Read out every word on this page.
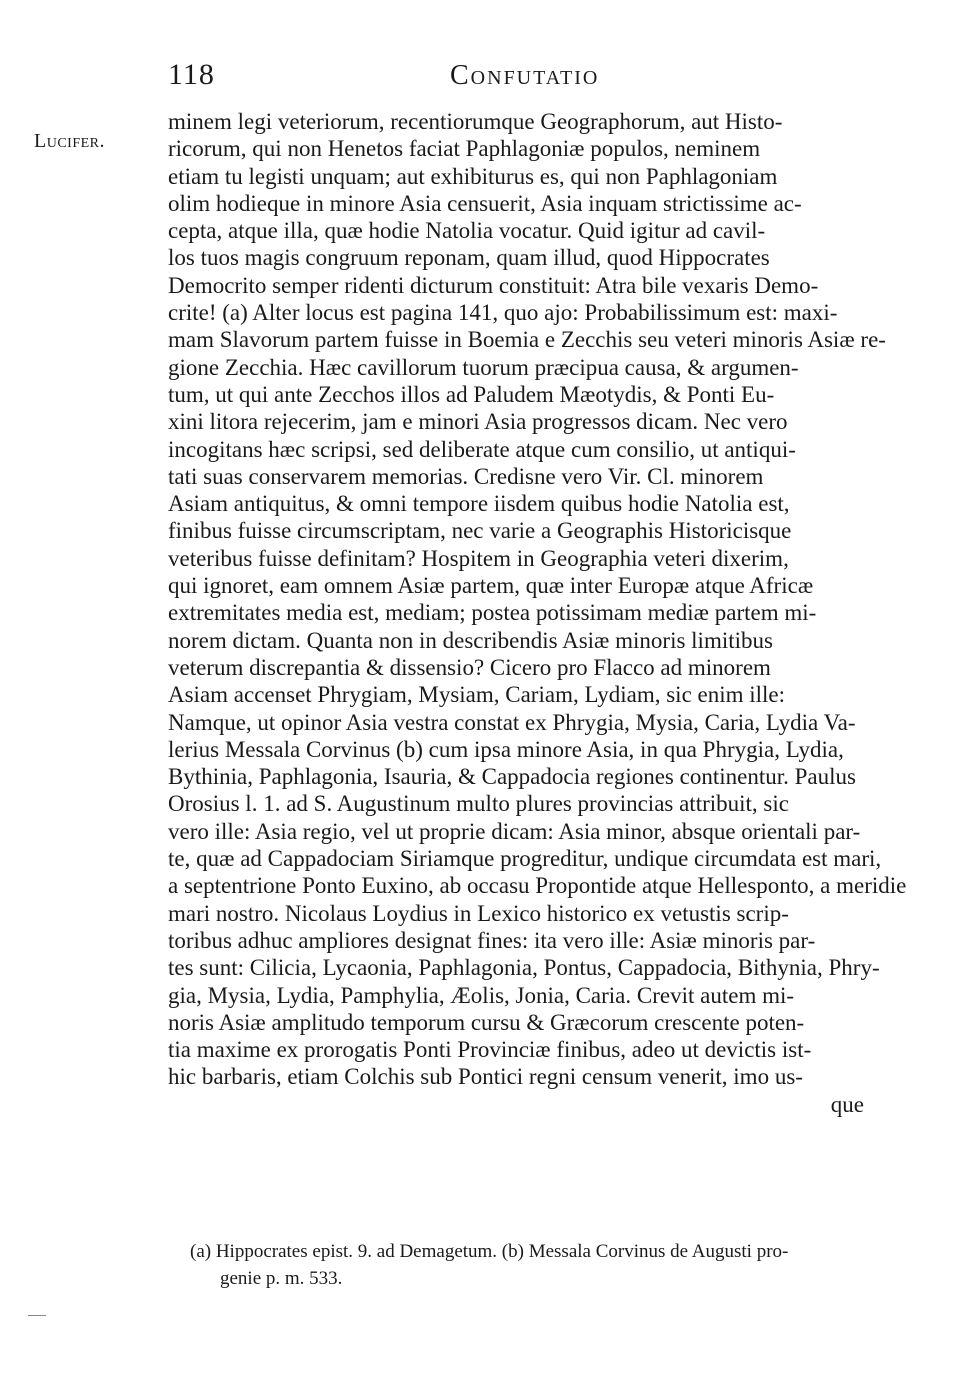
118	Confutatio
Lucifer.
minem legi veteriorum, recentiorumque Geographorum, aut Histo-
ricorum, qui non Henetos faciat Paphlagoniæ populos, neminem
etiam tu legisti unquam; aut exhibiturus es, qui non Paphlagoniam
olim hodieque in minore Asia censuerit, Asia inquam strictissime ac-
cepta, atque illa, quæ hodie Natolia vocatur. Quid igitur ad cavil-
los tuos magis congruum reponam, quam illud, quod Hippocrates
Democrito semper ridenti dicturum constituit: Atra bile vexaris Demo-
crite! (a) Alter locus est pagina 141, quo ajo: Probabilissimum est: maxi-
mam Slavorum partem fuisse in Boemia e Zecchis seu veteri minoris Asiæ re-
gione Zecchia. Hæc cavillorum tuorum præcipua causa, & argumen-
tum, ut qui ante Zecchos illos ad Paludem Mæotydis, & Ponti Eu-
xini litora rejecerim, jam e minori Asia progressos dicam. Nec vero
incogitans hæc scripsi, sed deliberate atque cum consilio, ut antiqui-
tati suas conservarem memorias. Credisne vero Vir. Cl. minorem
Asiam antiquitus, & omni tempore iisdem quibus hodie Natolia est,
finibus fuisse circumscriptam, nec varie a Geographis Historicisque
veteribus fuisse definitam? Hospitem in Geographia veteri dixerim,
qui ignoret, eam omnem Asiæ partem, quæ inter Europæ atque Africæ
extremitates media est, mediam; postea potissimam mediæ partem mi-
norem dictam. Quanta non in describendis Asiæ minoris limitibus
veterum discrepantia & dissensio? Cicero pro Flacco ad minorem
Asiam accenset Phrygiam, Mysiam, Cariam, Lydiam, sic enim ille:
Namque, ut opinor Asia vestra constat ex Phrygia, Mysia, Caria, Lydia Va-
lerius Messala Corvinus (b) cum ipsa minore Asia, in qua Phrygia, Lydia,
Bythinia, Paphlagonia, Isauria, & Cappadocia regiones continentur. Paulus
Orosius l. 1. ad S. Augustinum multo plures provincias attribuit, sic
vero ille: Asia regio, vel ut proprie dicam: Asia minor, absque orientali par-
te, quæ ad Cappadociam Siriamque progreditur, undique circumdata est mari,
a septentrione Ponto Euxino, ab occasu Propontide atque Hellesponto, a meridie
mari nostro. Nicolaus Loydius in Lexico historico ex vetustis scrip-
toribus adhuc ampliores designat fines: ita vero ille: Asiæ minoris par-
tes sunt: Cilicia, Lycaonia, Paphlagonia, Pontus, Cappadocia, Bithynia, Phry-
gia, Mysia, Lydia, Pamphylia, Æolis, Jonia, Caria. Crevit autem mi-
noris Asiæ amplitudo temporum cursu & Græcorum crescente poten-
tia maxime ex prorogatis Ponti Provinciæ finibus, adeo ut devictis ist-
hic barbaris, etiam Colchis sub Pontici regni censum venerit, imo us-
que
(a) Hippocrates epist. 9. ad Demagetum. (b) Messala Corvinus de Augusti pro-
genie p. m. 533.
